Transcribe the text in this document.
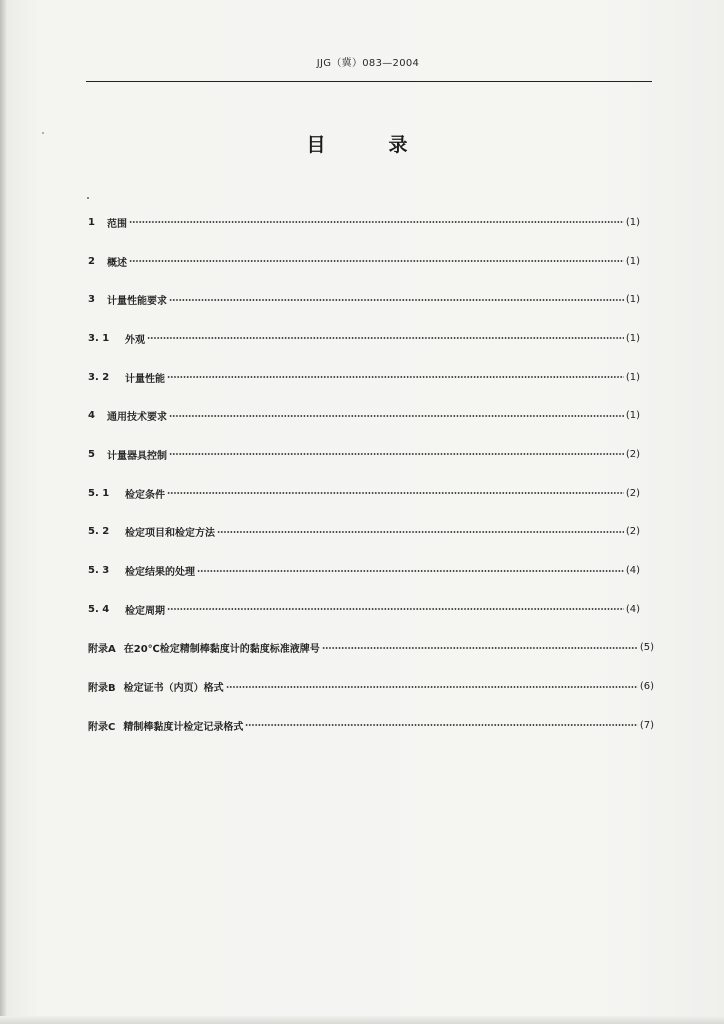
JJG（冀）083—2004
目　录
1	范围	(1)
2	概述	(1)
3	计量性能要求	(1)
3. 1	外观	(1)
3. 2	计量性能	(1)
4	通用技术要求	(1)
5	计量器具控制	(2)
5. 1	检定条件	(2)
5. 2	检定项目和检定方法	(2)
5. 3	检定结果的处理	(4)
5. 4	检定周期	(4)
附录A 在20℃检定精制棒黏度计的黏度标准液牌号	(5)
附录B 检定证书（内页）格式	(6)
附录C 精制棒黏度计检定记录格式	(7)
